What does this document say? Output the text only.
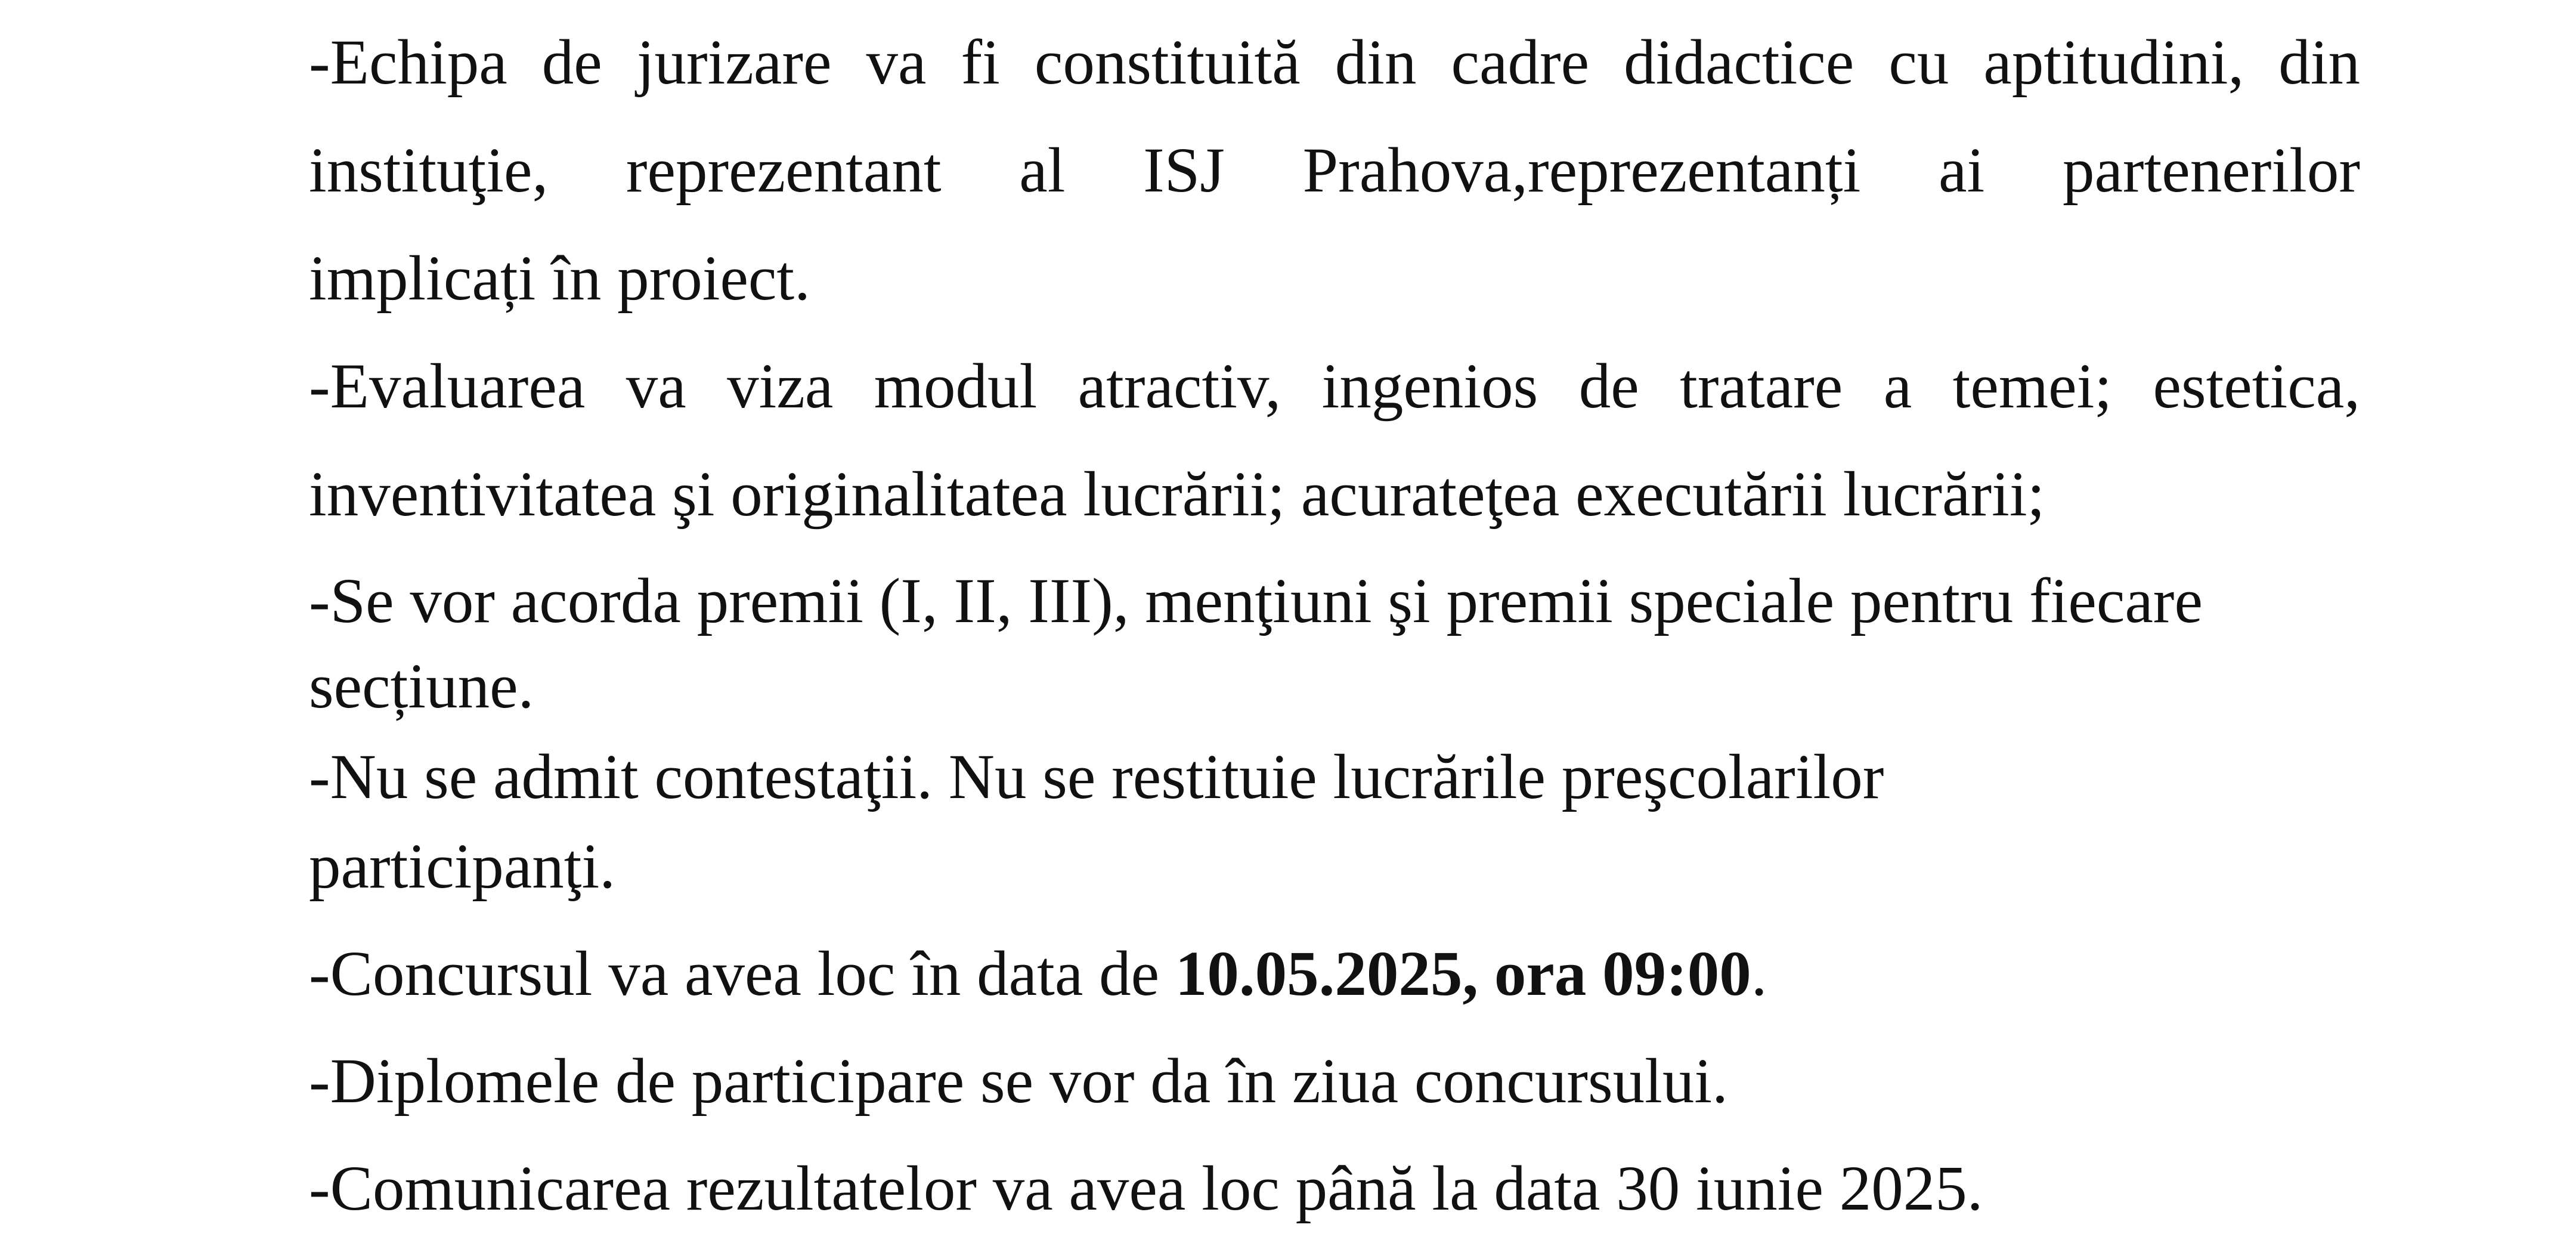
-Echipa de jurizare va fi constituită din cadre didactice cu aptitudini, din
instituţie, reprezentant al ISJ Prahova,reprezentanți ai partenerilor
implicați în proiect.
-Evaluarea va viza modul atractiv, ingenios de tratare a temei; estetica,
inventivitatea şi originalitatea lucrării; acurateţea executării lucrării;
-Se vor acorda premii (I, II, III), menţiuni şi premii speciale pentru fiecare
secțiune.
-Nu se admit contestaţii. Nu se restituie lucrările preşcolarilor
participanţi.
-Concursul va avea loc în data de 10.05.2025, ora 09:00.
-Diplomele de participare se vor da în ziua concursului.
-Comunicarea rezultatelor va avea loc până la data 30 iunie 2025.
